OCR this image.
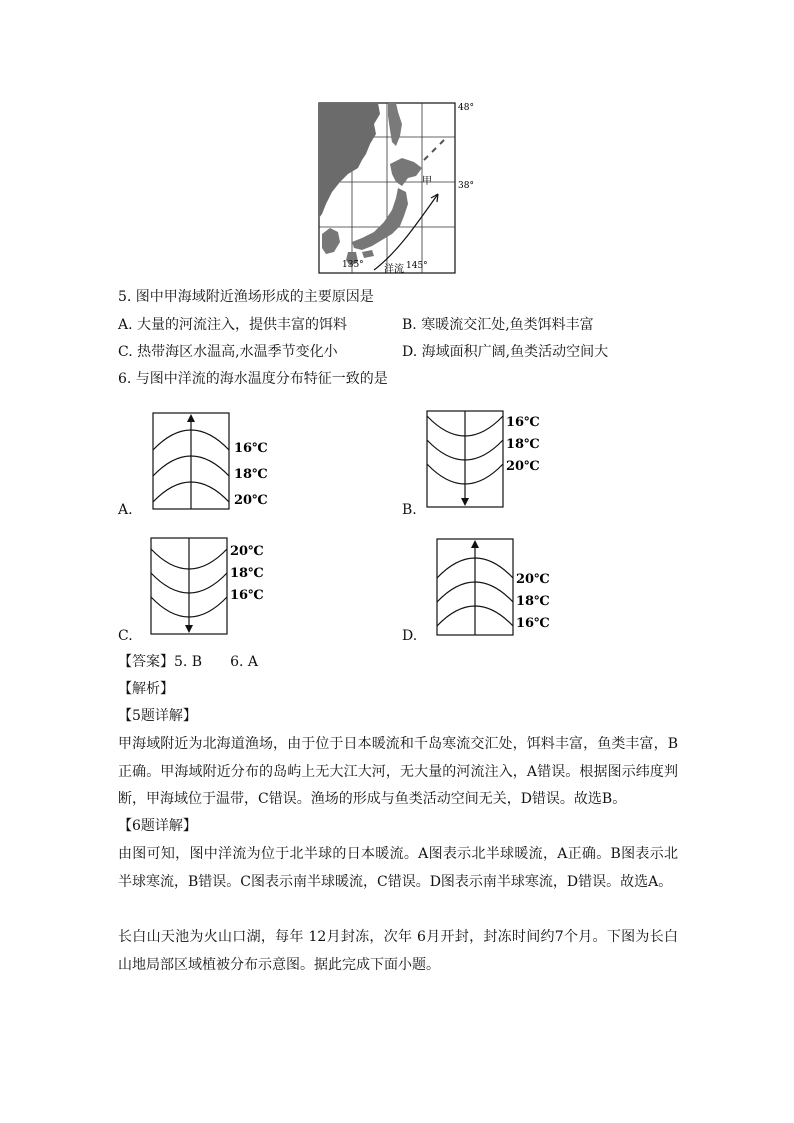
48°
38°
甲
135° 洋流 145°
5. 图中甲海域附近渔场形成的主要原因是
A. 大量的河流注入，提供丰富的饵料	B. 寒暖流交汇处,鱼类饵料丰富
C. 热带海区水温高,水温季节变化小	D. 海域面积广阔,鱼类活动空间大
6. 与图中洋流的海水温度分布特征一致的是
16℃
18℃
20℃
A.
16℃
18℃
20℃
B.
20℃
18℃
16℃
C.
20℃
18℃
16℃
D.
【答案】5. B　　6. A
【解析】
【5题详解】
甲海域附近为北海道渔场，由于位于日本暖流和千岛寒流交汇处，饵料丰富，鱼类丰富，B正确。甲海域附近分布的岛屿上无大江大河，无大量的河流注入，A错误。根据图示纬度判断，甲海域位于温带，C错误。渔场的形成与鱼类活动空间无关，D错误。故选B。
【6题详解】
由图可知，图中洋流为位于北半球的日本暖流。A图表示北半球暖流，A正确。B图表示北半球寒流，B错误。C图表示南半球暖流，C错误。D图表示南半球寒流，D错误。故选A。
长白山天池为火山口湖，每年 12月封冻，次年 6月开封，封冻时间约7个月。下图为长白山地局部区域植被分布示意图。据此完成下面小题。
